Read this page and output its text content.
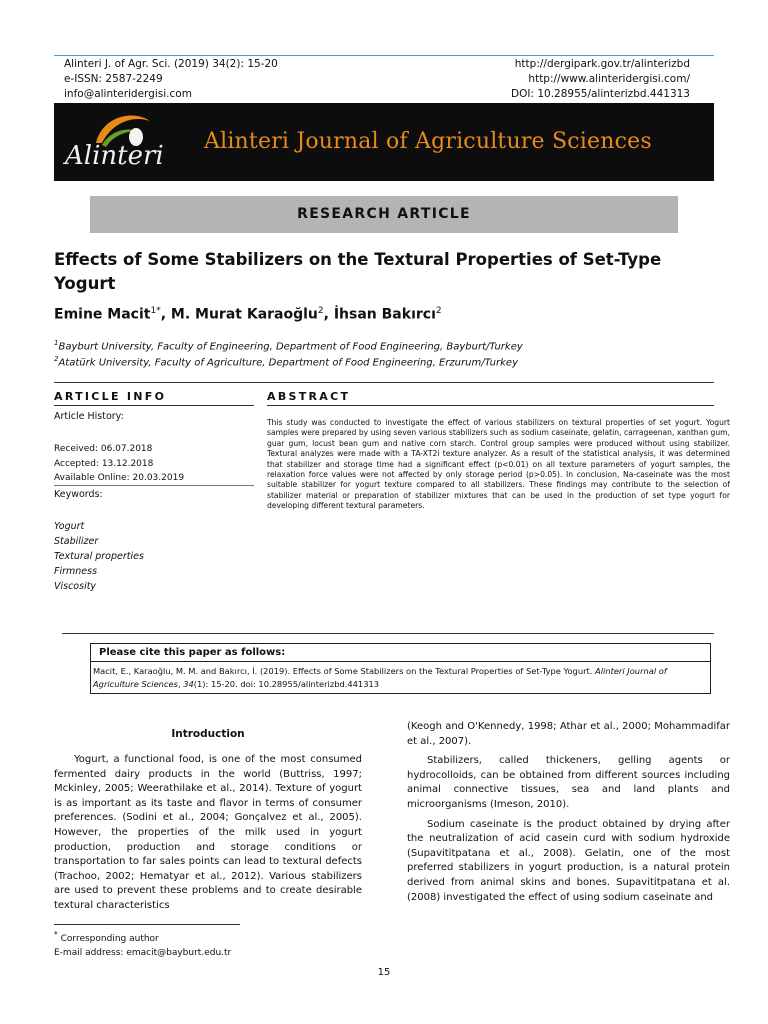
Alinteri J. of Agr. Sci. (2019) 34(2): 15-20
e-ISSN: 2587-2249
info@alinteridergisi.com
http://dergipark.gov.tr/alinterizbd
http://www.alinteridergisi.com/
DOI: 10.28955/alinterizbd.441313
Alinteri Alinteri Journal of Agriculture Sciences
RESEARCH ARTICLE
Effects of Some Stabilizers on the Textural Properties of Set-Type Yogurt
Emine Macit$^{1*}$, M. Murat Karaoğlu$^2$, İhsan Bakırcı$^2$
$^1$Bayburt University, Faculty of Engineering, Department of Food Engineering, Bayburt/Turkey
$^2$Atatürk University, Faculty of Agriculture, Department of Food Engineering, Erzurum/Turkey
ARTICLE INFO	ABSTRACT
Article History:
Received: 06.07.2018
Accepted: 13.12.2018
Available Online: 20.03.2019
Keywords:
Yogurt
Stabilizer
Textural properties
Firmness
Viscosity
This study was conducted to investigate the effect of various stabilizers on textural properties of set yogurt. Yogurt samples were prepared by using seven various stabilizers such as sodium caseinate, gelatin, carrageenan, xanthan gum, guar gum, locust bean gum and native corn starch. Control group samples were produced without using stabilizer. Textural analyzes were made with a TA-XT2i texture analyzer. As a result of the statistical analysis, it was determined that stabilizer and storage time had a significant effect (p<0.01) on all texture parameters of yogurt samples, the relaxation force values were not affected by only storage period (p>0.05). In conclusion, Na-caseinate was the most suitable stabilizer for yogurt texture compared to all stabilizers. These findings may contribute to the selection of stabilizer material or preparation of stabilizer mixtures that can be used in the production of set type yogurt for developing different textural parameters.
Please cite this paper as follows:
Macit, E., Karaoğlu, M. M. and Bakırcı, İ. (2019). Effects of Some Stabilizers on the Textural Properties of Set-Type Yogurt. Alinteri Journal of Agriculture Sciences, 34(1): 15-20. doi: 10.28955/alinterizbd.441313
Introduction

Yogurt, a functional food, is one of the most consumed fermented dairy products in the world (Buttriss, 1997; Mckinley, 2005; Weerathilake et al., 2014). Texture of yogurt is as important as its taste and flavor in terms of consumer preferences. (Sodini et al., 2004; Gonçalvez et al., 2005). However, the properties of the milk used in yogurt production, production and storage conditions or transportation to far sales points can lead to textural defects (Trachoo, 2002; Hematyar et al., 2012). Various stabilizers are used to prevent these problems and to create desirable textural characteristics

(Keogh and O'Kennedy, 1998; Athar et al., 2000; Mohammadifar et al., 2007).

Stabilizers, called thickeners, gelling agents or hydrocolloids, can be obtained from different sources including animal connective tissues, sea and land plants and microorganisms (Imeson, 2010).

Sodium caseinate is the product obtained by drying after the neutralization of acid casein curd with sodium hydroxide (Supavititpatana et al., 2008). Gelatin, one of the most preferred stabilizers in yogurt production, is a natural protein derived from animal skins and bones. Supavititpatana et al. (2008) investigated the effect of using sodium caseinate and

* Corresponding author
E-mail address: emacit@bayburt.edu.tr
15
